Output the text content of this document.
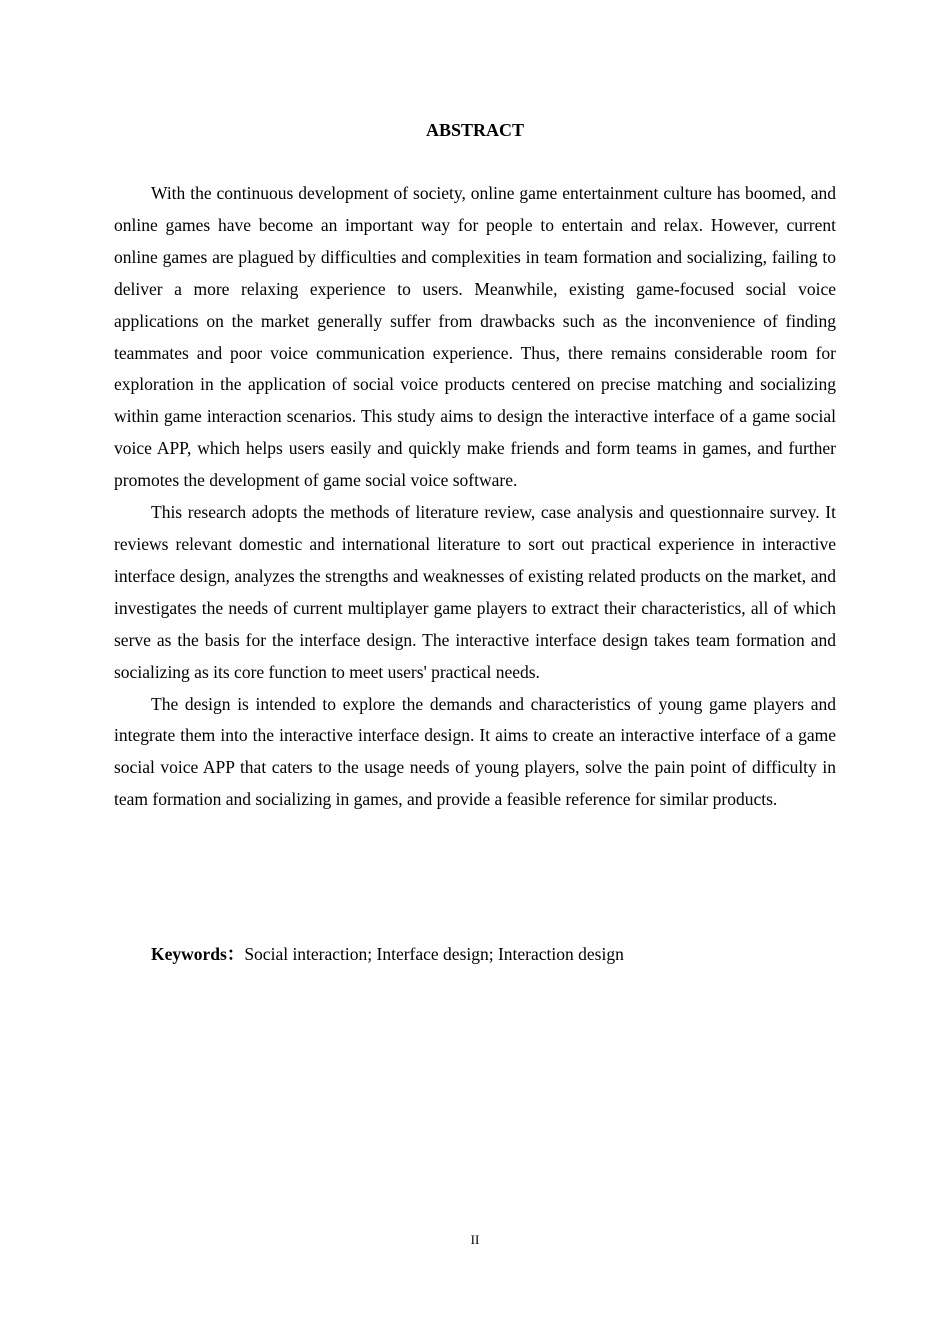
ABSTRACT

With the continuous development of society, online game entertainment culture has boomed, and online games have become an important way for people to entertain and relax. However, current online games are plagued by difficulties and complexities in team formation and socializing, failing to deliver a more relaxing experience to users. Meanwhile, existing game-focused social voice applications on the market generally suffer from drawbacks such as the inconvenience of finding teammates and poor voice communication experience. Thus, there remains considerable room for exploration in the application of social voice products centered on precise matching and socializing within game interaction scenarios. This study aims to design the interactive interface of a game social voice APP, which helps users easily and quickly make friends and form teams in games, and further promotes the development of game social voice software.

This research adopts the methods of literature review, case analysis and questionnaire survey. It reviews relevant domestic and international literature to sort out practical experience in interactive interface design, analyzes the strengths and weaknesses of existing related products on the market, and investigates the needs of current multiplayer game players to extract their characteristics, all of which serve as the basis for the interface design. The interactive interface design takes team formation and socializing as its core function to meet users' practical needs.

The design is intended to explore the demands and characteristics of young game players and integrate them into the interactive interface design. It aims to create an interactive interface of a game social voice APP that caters to the usage needs of young players, solve the pain point of difficulty in team formation and socializing in games, and provide a feasible reference for similar products.

Keywords：Social interaction; Interface design; Interaction design
II
